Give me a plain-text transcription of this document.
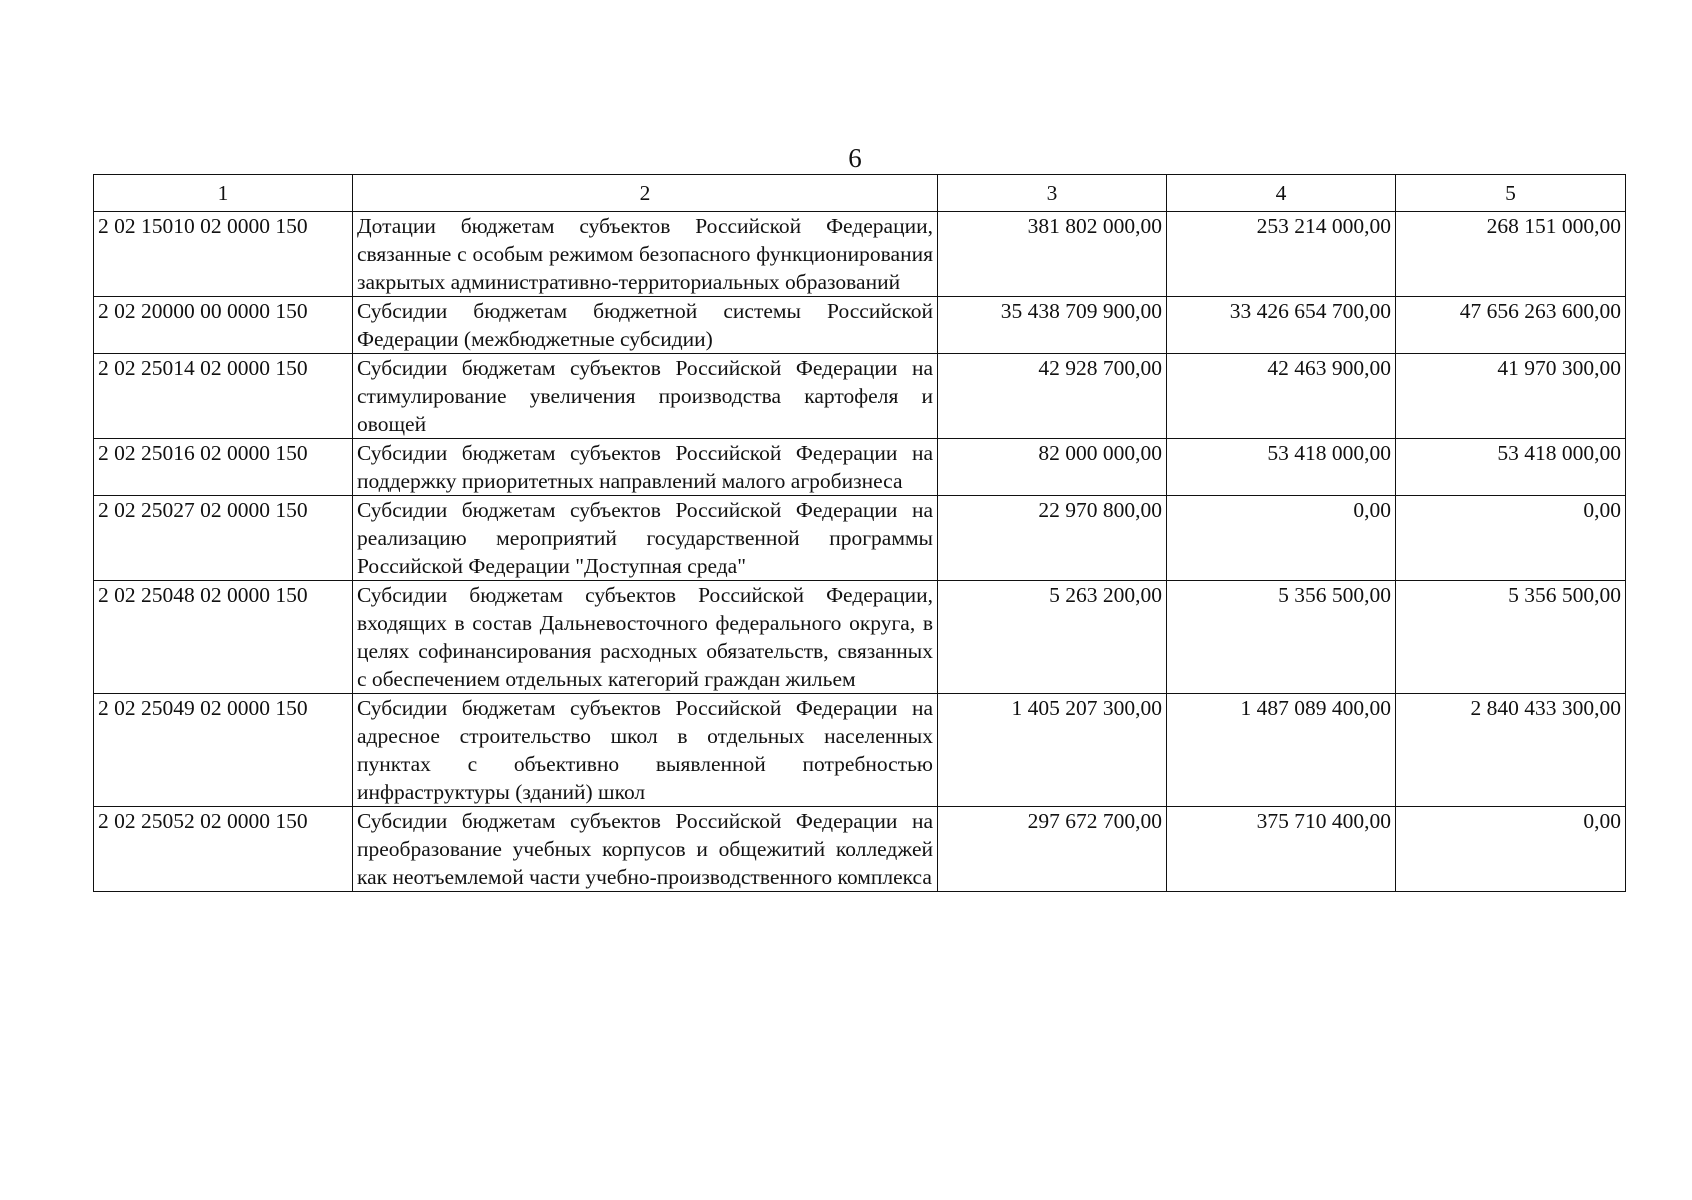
6
1	2	3	4	5
2 02 15010 02 0000 150	Дотации бюджетам субъектов Российской Федерации, связанные с особым режимом безопасного функционирования закрытых административно-территориальных образований	381 802 000,00	253 214 000,00	268 151 000,00
2 02 20000 00 0000 150	Субсидии бюджетам бюджетной системы Российской Федерации (межбюджетные субсидии)	35 438 709 900,00	33 426 654 700,00	47 656 263 600,00
2 02 25014 02 0000 150	Субсидии бюджетам субъектов Российской Федерации на стимулирование увеличения производства картофеля и овощей	42 928 700,00	42 463 900,00	41 970 300,00
2 02 25016 02 0000 150	Субсидии бюджетам субъектов Российской Федерации на поддержку приоритетных направлений малого агробизнеса	82 000 000,00	53 418 000,00	53 418 000,00
2 02 25027 02 0000 150	Субсидии бюджетам субъектов Российской Федерации на реализацию мероприятий государственной программы Российской Федерации "Доступная среда"	22 970 800,00	0,00	0,00
2 02 25048 02 0000 150	Субсидии бюджетам субъектов Российской Федерации, входящих в состав Дальневосточного федерального округа, в целях софинансирования расходных обязательств, связанных с обеспечением отдельных категорий граждан жильем	5 263 200,00	5 356 500,00	5 356 500,00
2 02 25049 02 0000 150	Субсидии бюджетам субъектов Российской Федерации на адресное строительство школ в отдельных населенных пунктах с объективно выявленной потребностью инфраструктуры (зданий) школ	1 405 207 300,00	1 487 089 400,00	2 840 433 300,00
2 02 25052 02 0000 150	Субсидии бюджетам субъектов Российской Федерации на преобразование учебных корпусов и общежитий колледжей как неотъемлемой части учебно-производственного комплекса	297 672 700,00	375 710 400,00	0,00
